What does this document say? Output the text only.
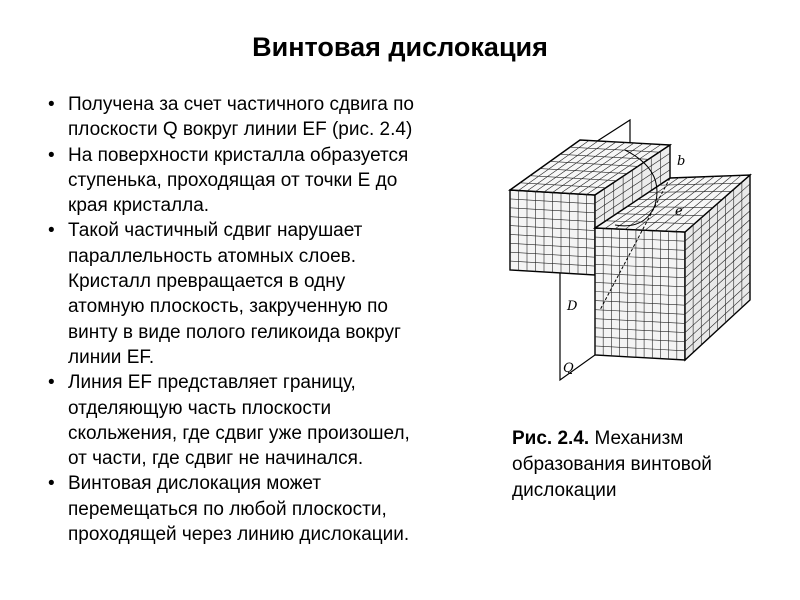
Винтовая дислокация
• Получена за счет частичного сдвига по
плоскости Q вокруг линии EF (рис. 2.4)
• На поверхности кристалла образуется
ступенька, проходящая от точки Е до
края кристалла.
• Такой частичный сдвиг нарушает
параллельность атомных слоев.
Кристалл превращается в одну
атомную плоскость, закрученную по
винту в виде полого геликоида вокруг
линии EF.
• Линия EF представляет границу,
отделяющую часть плоскости
скольжения, где сдвиг уже произошел,
от части, где сдвиг не начинался.
• Винтовая дислокация может
перемещаться по любой плоскости,
проходящей через линию дислокации.
b
e
D
Q
Рис. 2.4. Механизм
образования винтовой
дислокации
